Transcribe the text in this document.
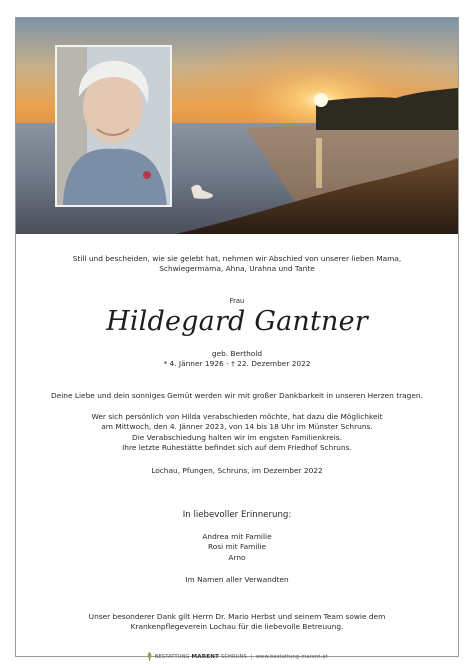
Still und bescheiden, wie sie gelebt hat, nehmen wir Abschied von unserer lieben Mama,
Schwiegermama, Ahna, Urahna und Tante
Frau
Hildegard Gantner
geb. Berthold
* 4. Jänner 1926 - † 22. Dezember 2022
Deine Liebe und dein sonniges Gemüt werden wir mit großer Dankbarkeit in unseren Herzen tragen.
Wer sich persönlich von Hilda verabschieden möchte, hat dazu die Möglichkeit
am Mittwoch, den 4. Jänner 2023, von 14 bis 18 Uhr im Münster Schruns.
Die Verabschiedung halten wir im engsten Familienkreis.
Ihre letzte Ruhestätte befindet sich auf dem Friedhof Schruns.
Lochau, Pfungen, Schruns, im Dezember 2022
In liebevoller Erinnerung:
Andrea mit Familie
Rosi mit Familie
Arno
Im Namen aller Verwandten
Unser besonderer Dank gilt Herrn Dr. Mario Herbst und seinem Team sowie dem
Krankenpflegeverein Lochau für die liebevolle Betreuung.
BESTATTUNG MARENT SCHRUNS  |  www.bestattung-marent.at
